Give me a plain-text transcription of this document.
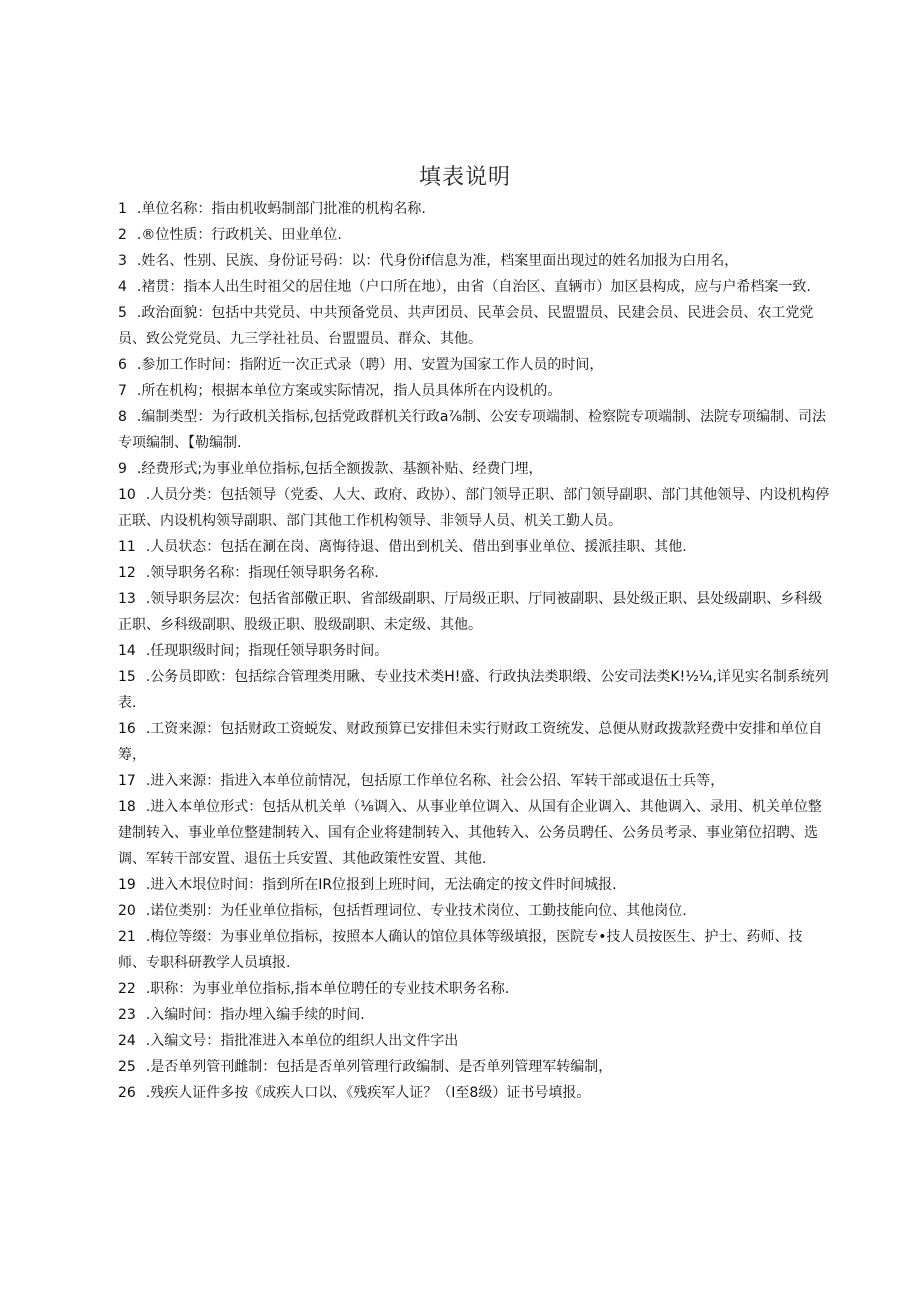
填表说明
1 .单位名称：指由机收蚂制部门批准的机构名称.
2 .®位性质：行政机关、田业单位.
3 .姓名、性别、民族、身份证号码：以：代身份if信息为准，档案里面出现过的姓名加报为白用名，
4 .褚贯：指本人出生时祖父的居住地（户口所在地），由省（自治区、直辆市）加区县构成，应与户希档案一致.
5 .政治面貌：包括中共党员、中共预备党员、共声团员、民革会员、民盟盟员、民建会员、民进会员、农工党党员、致公党党员、九三学社社员、台盟盟员、群众、其他。
6 .参加工作时间：指附近一次正式录（聘）用、安置为国家工作人员的时间，
7 .所在机构；根据本单位方案或实际情况，指人员具体所在内设机的。
8 .编制类型：为行政机关指标,包括党政群机关行政a⅞制、公安专项端制、检察院专项端制、法院专项编制、司法专项编制、【勒编制.
9 .经费形式;为事业单位指标,包括全额拨款、基额补贴、经费门埋，
10 .人员分类：包括领导（党委、人大、政府、政协）、部门领导正职、部门领导副职、部门其他领导、内设机构停正联、内设机构领导副职、部门其他工作机构领导、非领导人员、机关工勤人员。
11 .人员状态：包括在涮在岗、离悔待退、借出到机关、借出到事业单位、援派挂职、其他.
12 .领导职务名称：指现任领导职务名称.
13 .领导职务层次：包括省部儆正职、省部级副职、厅局级正职、厅同被副职、县处级正职、县处级副职、乡科级正职、乡科级副职、股级正职、股级副职、未定级、其他。
14 .任现职级时间；指现任领导职务时间。
15 .公务员即欧：包括综合管理类用瞅、专业技术类H!盛、行政执法类职缎、公安司法类K!½¼,详见实名制系统列表.
16 .工资来源：包括财政工资蜕发、财政预算已安排但未实行财政工资统发、总便从财政拨款羟费中安排和单位自筹，
17 .进入来源：指进入本单位前情况，包括原工作单位名称、社会公招、军转干部或退伍士兵等，
18 .进入本单位形式：包括从机关单（⅛调入、从事业单位调入、从国有企业调入、其他调入、录用、机关单位整建制转入、事业单位整建制转入、国有企业将建制转入、其他转入、公务员聘任、公务员考录、事业第位招聘、选调、军转干部安置、退伍士兵安置、其他政策性安置、其他.
19 .进入木垠位时间：指到所在IR位报到上班时间，无法确定的按文件时间城报.
20 .诺位类别：为任业单位指标，包括哲理词位、专业技术岗位、工勤技能向位、其他岗位.
21 .梅位等缀：为事业单位指标，按照本人确认的馆位具体等级填报，医院专•技人员按医生、护士、药师、技师、专职科研教学人员填报.
22 .职称：为事业单位指标,指本单位聘任的专业技术职务名称.
23 .入编时间：指办埋入编手续的时间.
24 .入编文号：指批准进入本单位的组织人出文件字出
25 .是否单列管刊雌制：包括是否单列管理行政编制、是否单列管理军转编制，
26 .残疾人证件多按《成疾人口以、《残疾军人证？（I至8级）证书号填报。
